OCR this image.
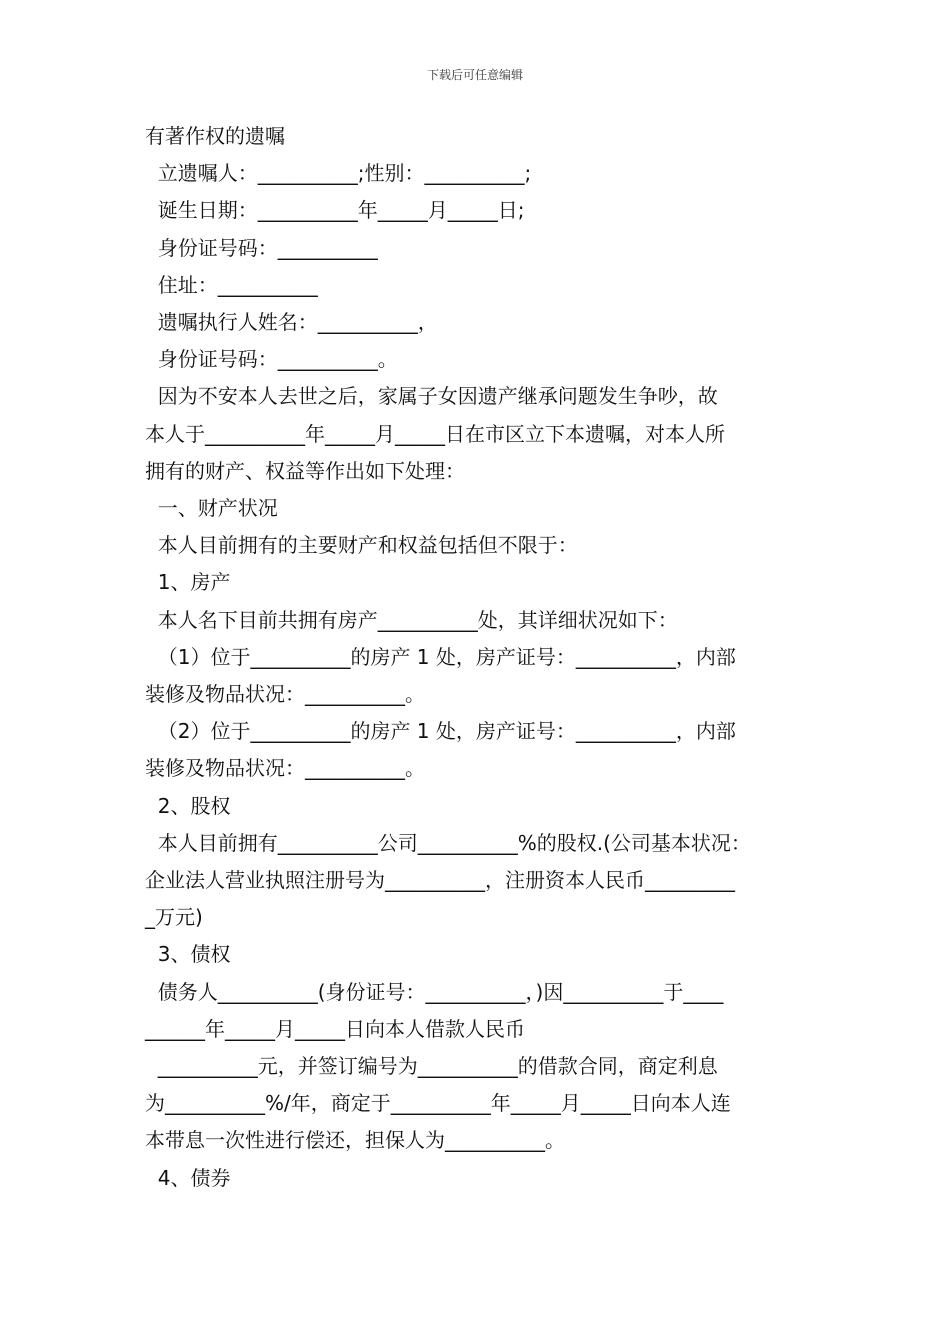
下载后可任意编辑

有著作权的遗嘱

立遗嘱人：__________;性别：__________;

诞生日期：__________年_____月_____日;

身份证号码：__________

住址：__________

遗嘱执行人姓名：__________，

身份证号码：__________。

因为不安本人去世之后，家属子女因遗产继承问题发生争吵，故

本人于__________年_____月_____日在市区立下本遗嘱，对本人所

拥有的财产、权益等作出如下处理：

一、财产状况

本人目前拥有的主要财产和权益包括但不限于：

1、房产

本人名下目前共拥有房产__________处，其详细状况如下：

（1）位于__________的房产 1 处，房产证号：__________，内部

装修及物品状况：__________。

（2）位于__________的房产 1 处，房产证号：__________，内部

装修及物品状况：__________。

2、股权

本人目前拥有__________公司__________%的股权.(公司基本状况：

企业法人营业执照注册号为__________，注册资本人民币_________

_万元)

3、债权

债务人__________(身份证号：__________，)因__________于____

______年_____月_____日向本人借款人民币

__________元，并签订编号为__________的借款合同，商定利息

为__________%/年，商定于__________年_____月_____日向本人连

本带息一次性进行偿还，担保人为__________。

4、债券
